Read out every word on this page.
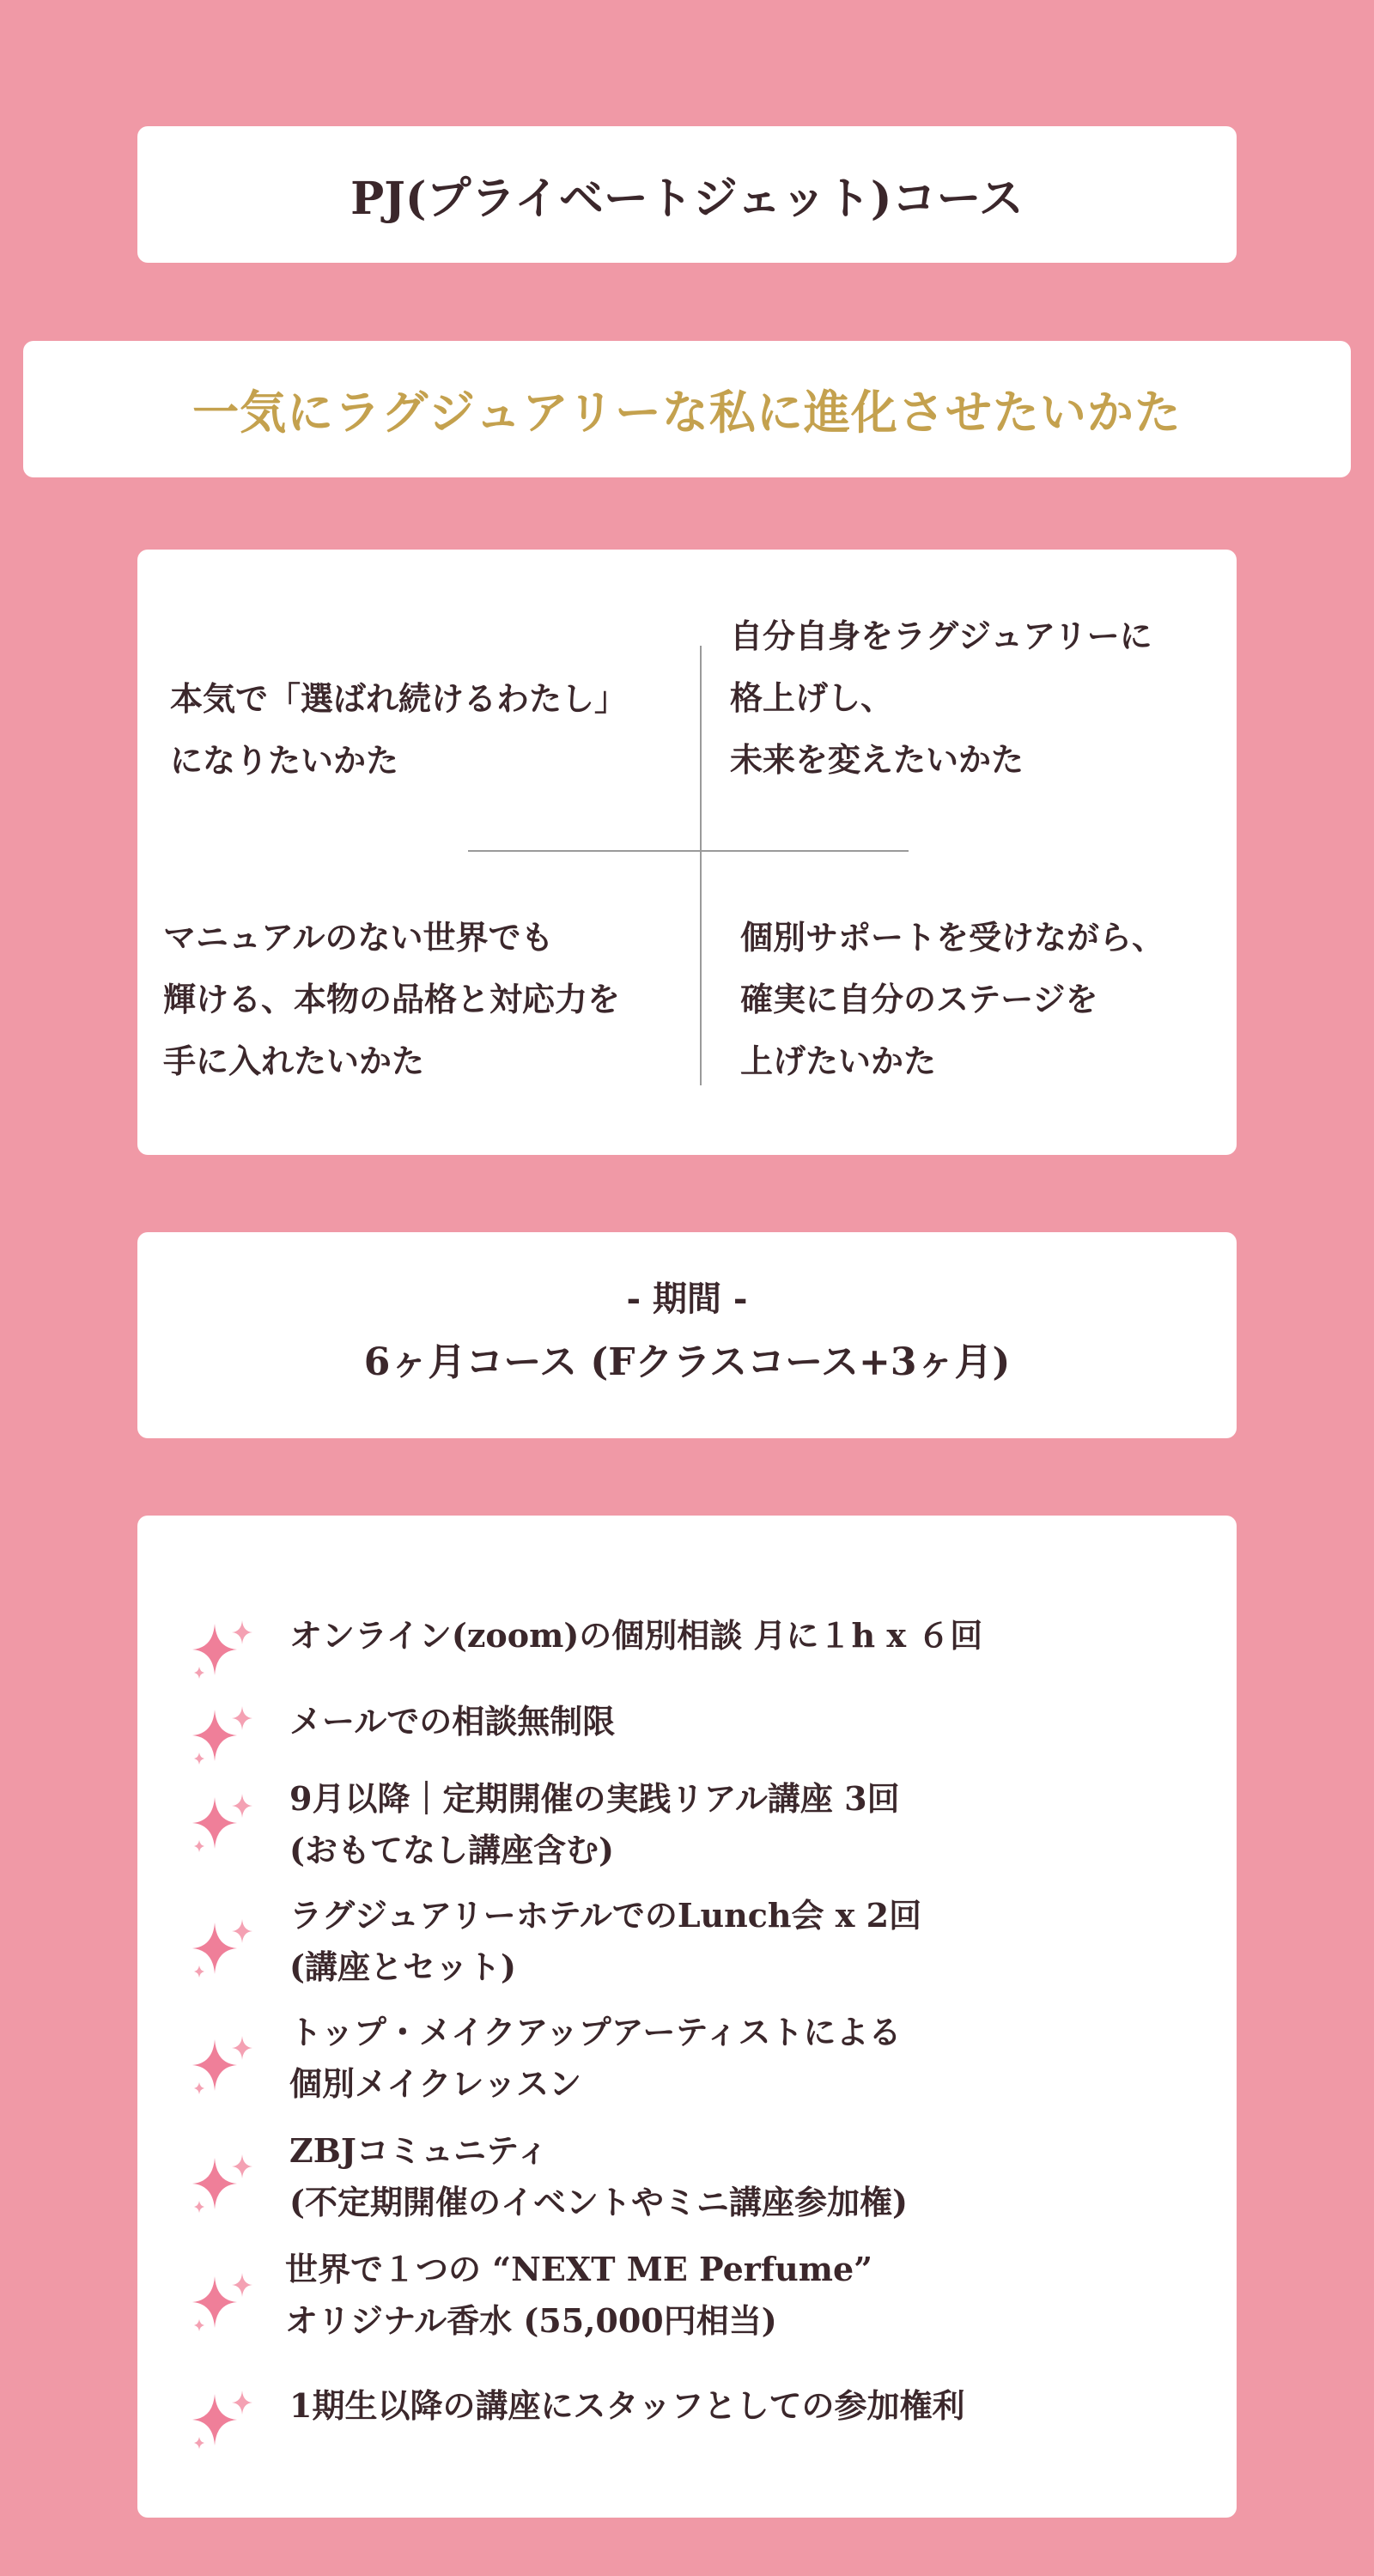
PJ(プライベートジェット)コース
一気にラグジュアリーな私に進化させたいかた
本気で「選ばれ続けるわたし」
になりたいかた
自分自身をラグジュアリーに
格上げし、
未来を変えたいかた
マニュアルのない世界でも
輝ける、本物の品格と対応力を
手に入れたいかた
個別サポートを受けながら、
確実に自分のステージを
上げたいかた
- 期間 -
6ヶ月コース (Fクラスコース+3ヶ月)
オンライン(zoom)の個別相談 月に１h x ６回
メールでの相談無制限
9月以降｜定期開催の実践リアル講座 3回
(おもてなし講座含む)
ラグジュアリーホテルでのLunch会 x 2回
(講座とセット)
トップ・メイクアップアーティストによる
個別メイクレッスン
ZBJコミュニティ
(不定期開催のイベントやミニ講座参加権)
世界で１つの “NEXT ME Perfume”
オリジナル香水 (55,000円相当)
1期生以降の講座にスタッフとしての参加権利
